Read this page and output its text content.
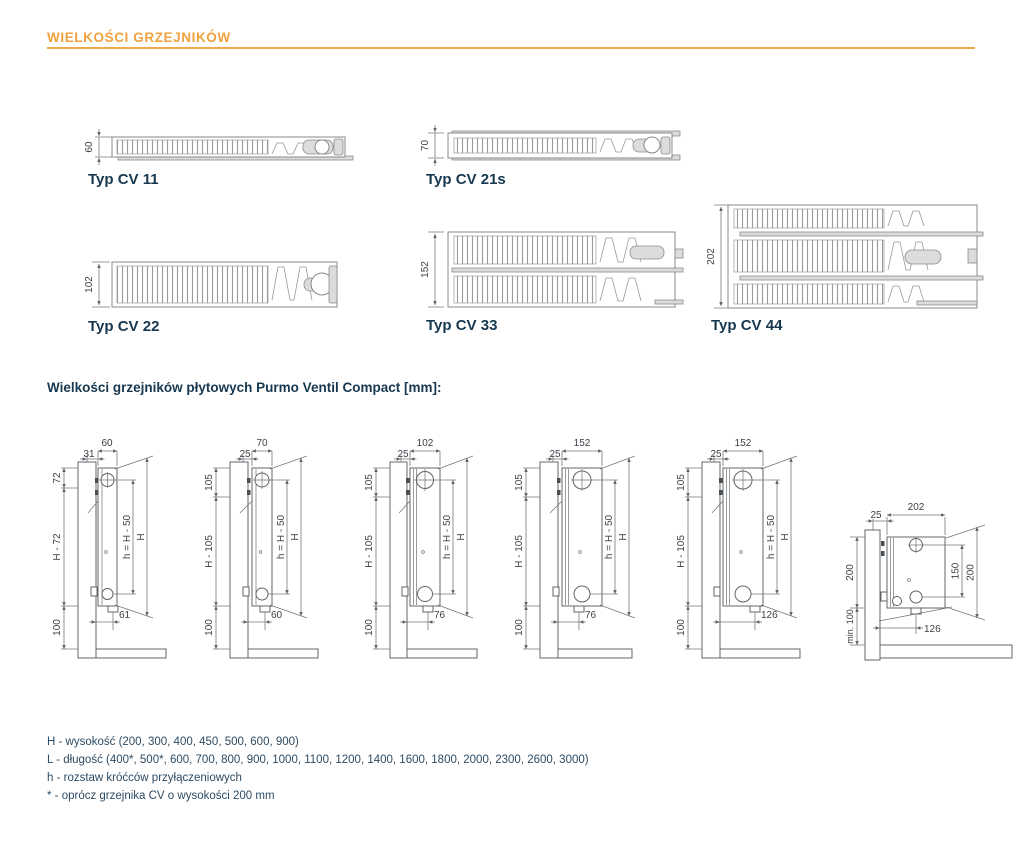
WIELKOŚCI GRZEJNIKÓW
Typ CV 11	Typ CV 21s
Typ CV 22	Typ CV 33	Typ CV 44
Wielkości grzejników płytowych Purmo Ventil Compact [mm]:
H - wysokość (200, 300, 400, 450, 500, 600, 900)
L - długość (400*, 500*, 600, 700, 800, 900, 1000, 1100, 1200, 1400, 1600, 1800, 2000, 2300, 2600, 3000)
h - rozstaw króćców przyłączeniowych
* - oprócz grzejnika CV o wysokości 200 mm
60	70
102
152
202
60
31
72
H - 72
100
h = H - 50 H
61
70
25
105
H - 105
100
h = H - 50 H
60
102
25
105
H - 105
100
h = H - 50 H
76
152
25
105
H - 105
100
h = H - 50 H
76
152
25
105
H - 105
100
h = H - 50 H
126
202
25
200
min. 100
150 200
126
